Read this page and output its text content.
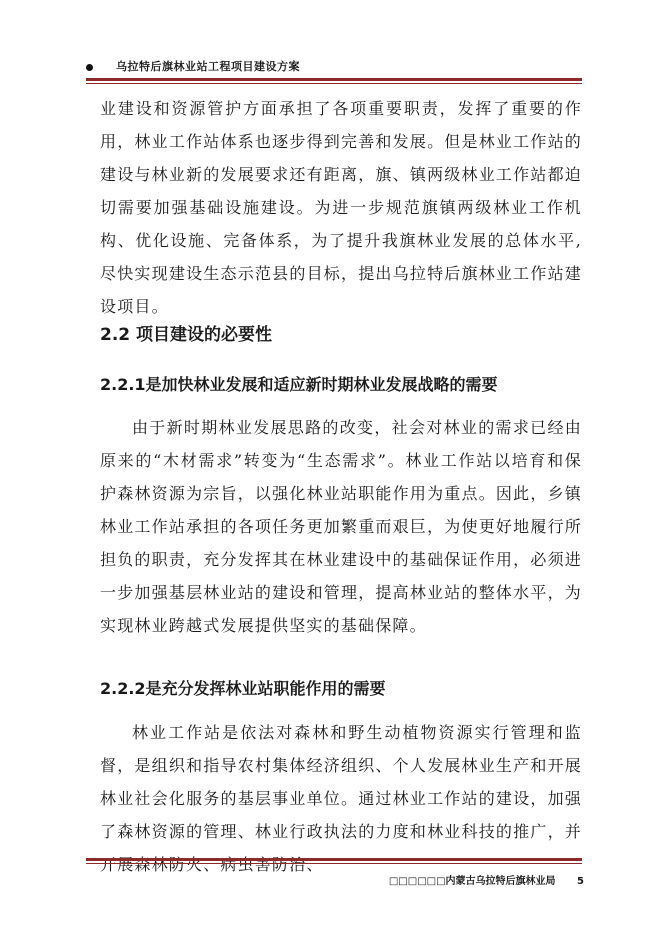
乌拉特后旗林业站工程项目建设方案
业建设和资源管护方面承担了各项重要职责，发挥了重要的作用，林业工作站体系也逐步得到完善和发展。但是林业工作站的建设与林业新的发展要求还有距离，旗、镇两级林业工作站都迫切需要加强基础设施建设。为进一步规范旗镇两级林业工作机构、优化设施、完备体系，为了提升我旗林业发展的总体水平,尽快实现建设生态示范县的目标，提出乌拉特后旗林业工作站建设项目。
2.2 项目建设的必要性
2.2.1是加快林业发展和适应新时期林业发展战略的需要
由于新时期林业发展思路的改变，社会对林业的需求已经由原来的“木材需求”转变为“生态需求”。林业工作站以培育和保护森林资源为宗旨，以强化林业站职能作用为重点。因此，乡镇林业工作站承担的各项任务更加繁重而艰巨，为使更好地履行所担负的职责，充分发挥其在林业建设中的基础保证作用，必须进一步加强基层林业站的建设和管理，提高林业站的整体水平，为实现林业跨越式发展提供坚实的基础保障。
2.2.2是充分发挥林业站职能作用的需要
林业工作站是依法对森林和野生动植物资源实行管理和监督，是组织和指导农村集体经济组织、个人发展林业生产和开展林业社会化服务的基层事业单位。通过林业工作站的建设，加强了森林资源的管理、林业行政执法的力度和林业科技的推广，并开展森林防火、病虫害防治、
□□□□□□内蒙古乌拉特后旗林业局 5
